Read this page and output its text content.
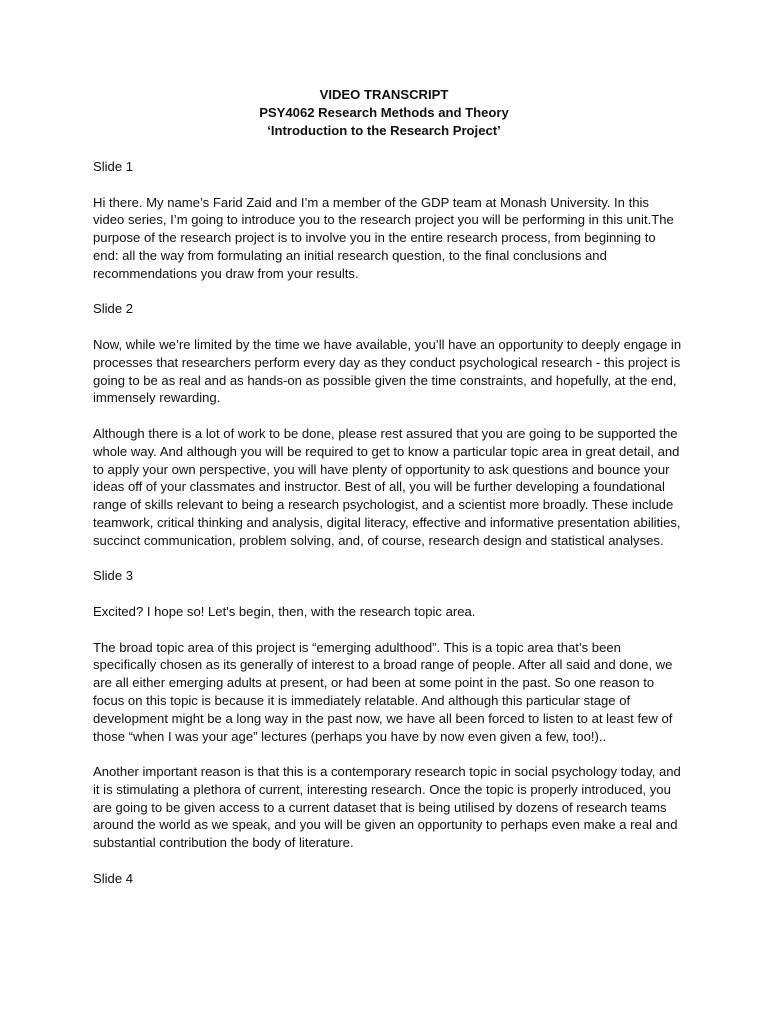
VIDEO TRANSCRIPT
PSY4062 Research Methods and Theory
‘Introduction to the Research Project’

Slide 1

Hi there. My name’s Farid Zaid and I’m a member of the GDP team at Monash University. In this video series, I’m going to introduce you to the research project you will be performing in this unit.The purpose of the research project is to involve you in the entire research process, from beginning to end: all the way from formulating an initial research question, to the final conclusions and recommendations you draw from your results.

Slide 2

Now, while we’re limited by the time we have available, you’ll have an opportunity to deeply engage in processes that researchers perform every day as they conduct psychological research - this project is going to be as real and as hands-on as possible given the time constraints, and hopefully, at the end, immensely rewarding.

Although there is a lot of work to be done, please rest assured that you are going to be supported the whole way. And although you will be required to get to know a particular topic area in great detail, and to apply your own perspective, you will have plenty of opportunity to ask questions and bounce your ideas off of your classmates and instructor. Best of all, you will be further developing a foundational range of skills relevant to being a research psychologist, and a scientist more broadly. These include teamwork, critical thinking and analysis, digital literacy, effective and informative presentation abilities, succinct communication, problem solving, and, of course, research design and statistical analyses.

Slide 3

Excited? I hope so! Let's begin, then, with the research topic area.

The broad topic area of this project is “emerging adulthood”. This is a topic area that’s been specifically chosen as its generally of interest to a broad range of people. After all said and done, we are all either emerging adults at present, or had been at some point in the past. So one reason to focus on this topic is because it is immediately relatable. And although this particular stage of development might be a long way in the past now, we have all been forced to listen to at least few of those “when I was your age” lectures (perhaps you have by now even given a few, too!)..

Another important reason is that this is a contemporary research topic in social psychology today, and it is stimulating a plethora of current, interesting research. Once the topic is properly introduced, you are going to be given access to a current dataset that is being utilised by dozens of research teams around the world as we speak, and you will be given an opportunity to perhaps even make a real and substantial contribution the body of literature.

Slide 4
